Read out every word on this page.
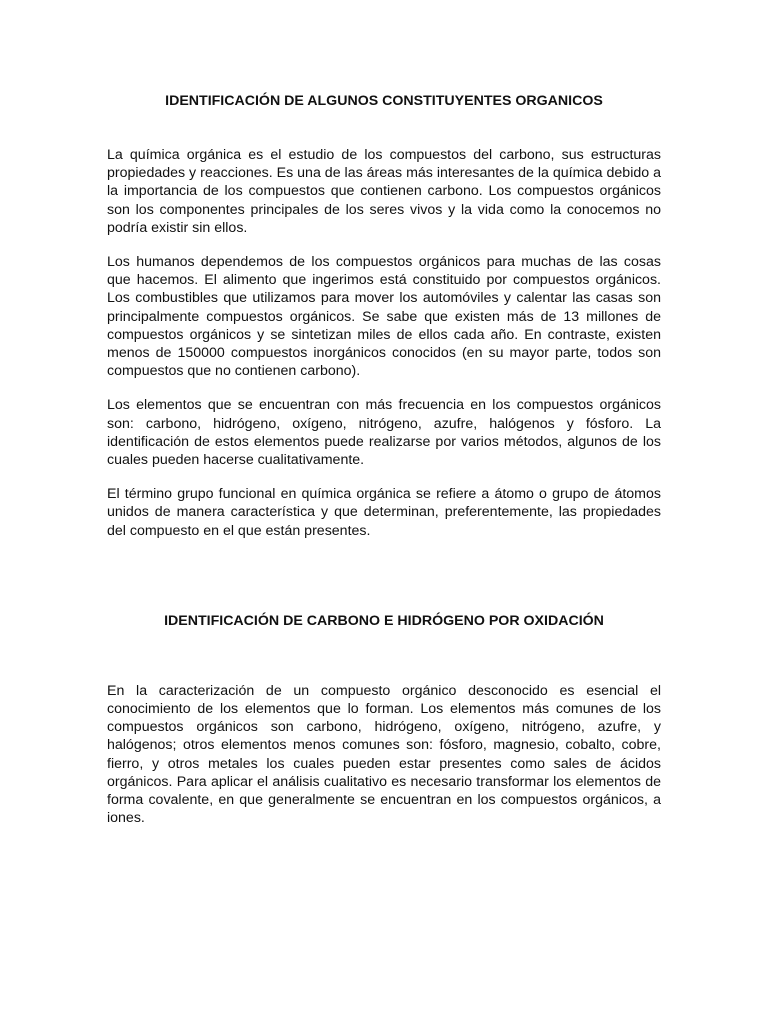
IDENTIFICACIÓN DE ALGUNOS CONSTITUYENTES ORGANICOS

La química orgánica es el estudio de los compuestos del carbono, sus estructuras propiedades y reacciones. Es una de las áreas más interesantes de la química debido a la importancia de los compuestos que contienen carbono. Los compuestos orgánicos son los componentes principales de los seres vivos y la vida como la conocemos no podría existir sin ellos.

Los humanos dependemos de los compuestos orgánicos para muchas de las cosas que hacemos. El alimento que ingerimos está constituido por compuestos orgánicos. Los combustibles que utilizamos para mover los automóviles y calentar las casas son principalmente compuestos orgánicos. Se sabe que existen más de 13 millones de compuestos orgánicos y se sintetizan miles de ellos cada año. En contraste, existen menos de 150000 compuestos inorgánicos conocidos (en su mayor parte, todos son compuestos que no contienen carbono).

Los elementos que se encuentran con más frecuencia en los compuestos orgánicos son: carbono, hidrógeno, oxígeno, nitrógeno, azufre, halógenos y fósforo. La identificación de estos elementos puede realizarse por varios métodos, algunos de los cuales pueden hacerse cualitativamente.

El término grupo funcional en química orgánica se refiere a átomo o grupo de átomos unidos de manera característica y que determinan, preferentemente, las propiedades del compuesto en el que están presentes.

IDENTIFICACIÓN DE CARBONO E HIDRÓGENO POR OXIDACIÓN

En la caracterización de un compuesto orgánico desconocido es esencial el conocimiento de los elementos que lo forman. Los elementos más comunes de los compuestos orgánicos son carbono, hidrógeno, oxígeno, nitrógeno, azufre, y halógenos; otros elementos menos comunes son: fósforo, magnesio, cobalto, cobre, fierro, y otros metales los cuales pueden estar presentes como sales de ácidos orgánicos. Para aplicar el análisis cualitativo es necesario transformar los elementos de forma covalente, en que generalmente se encuentran en los compuestos orgánicos, a iones.
